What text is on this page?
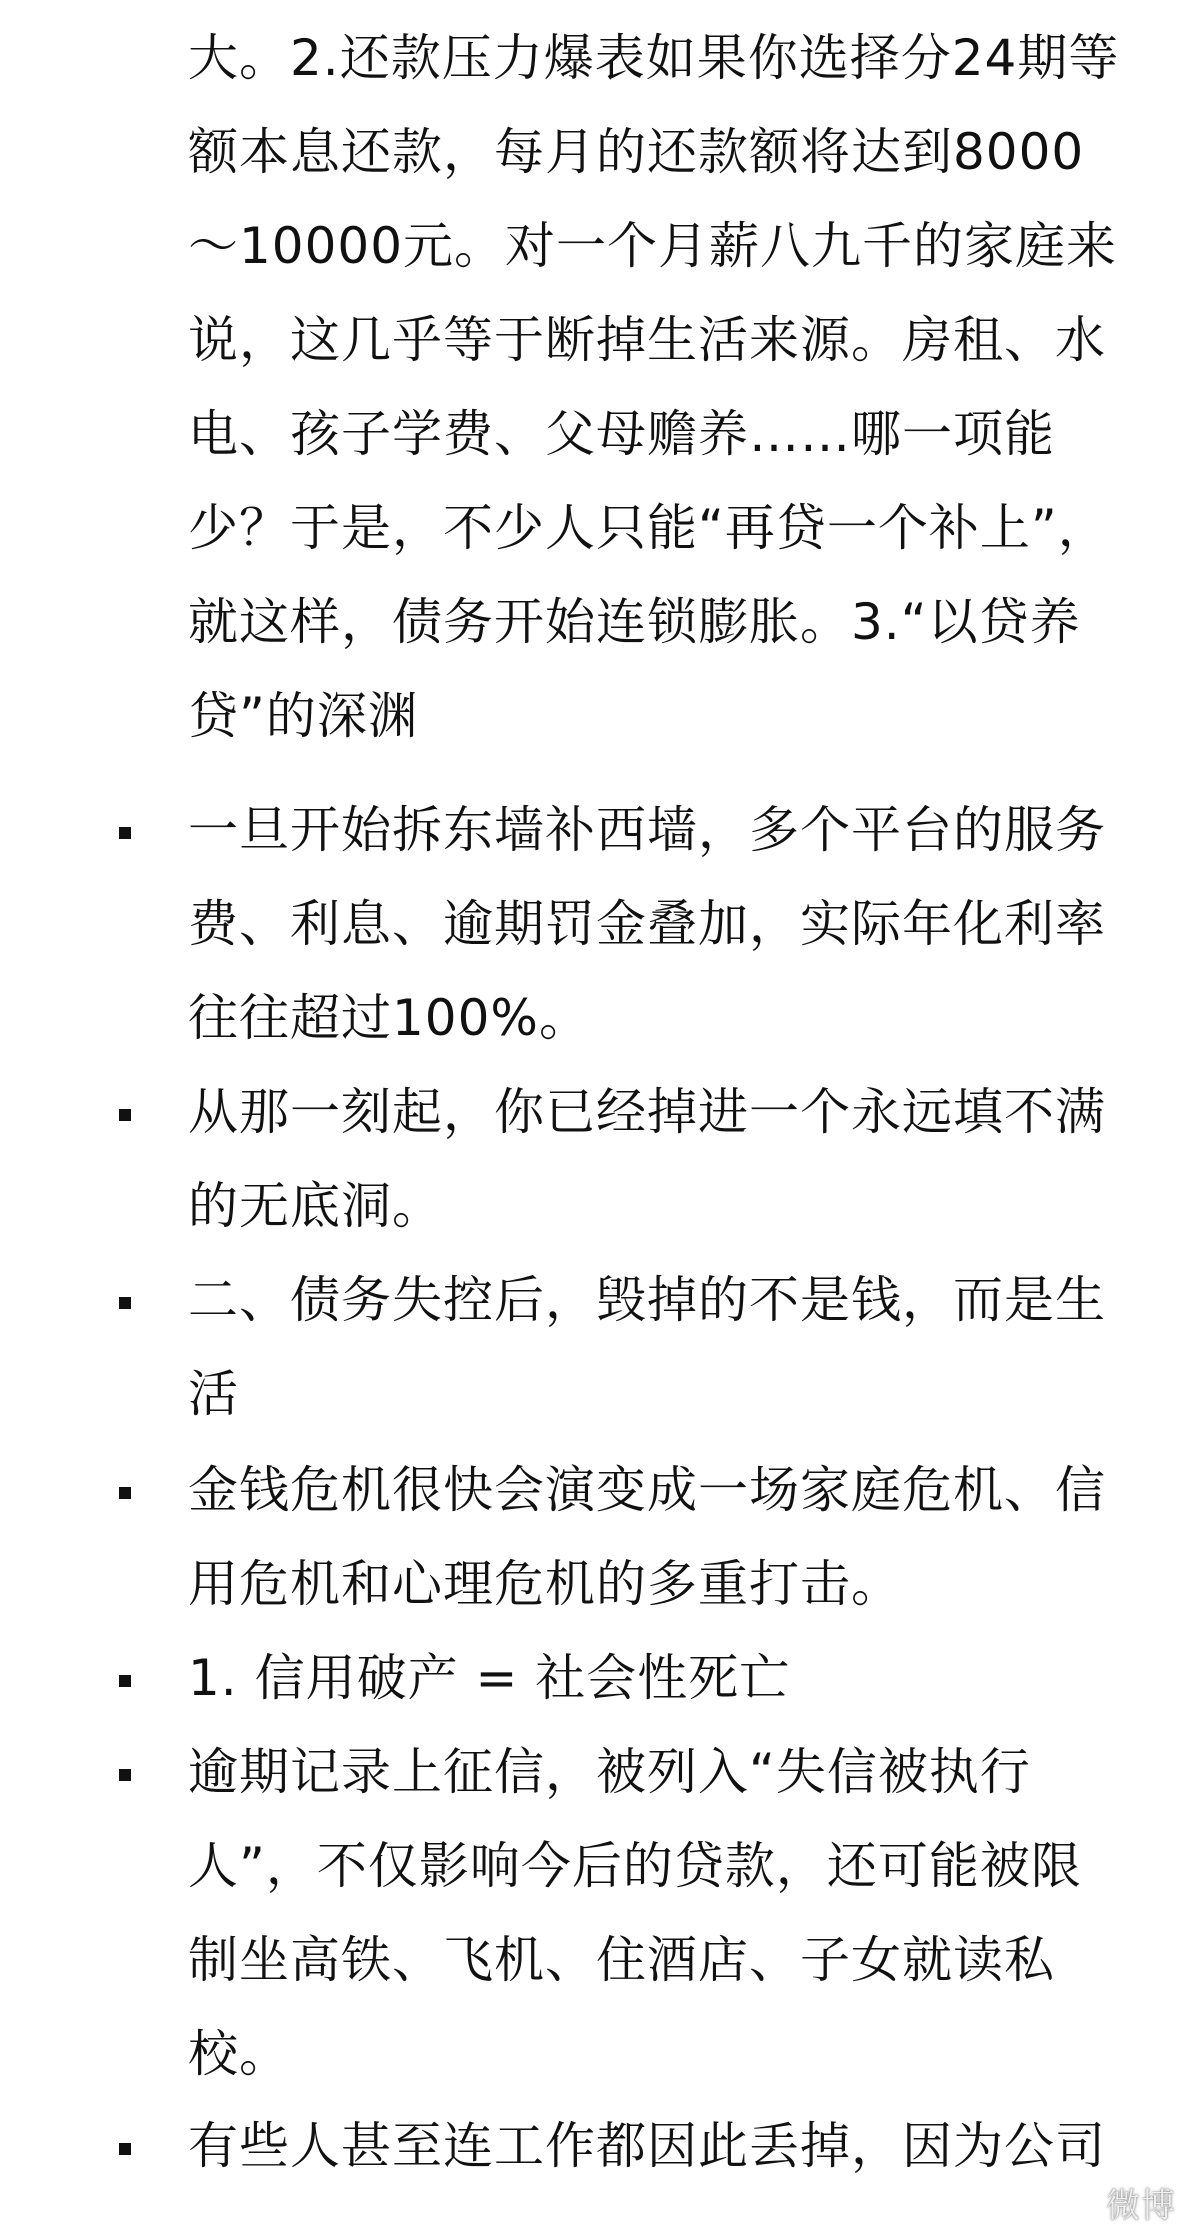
大。2.还款压力爆表如果你选择分24期等
额本息还款，每月的还款额将达到8000
～10000元。对一个月薪八九千的家庭来
说，这几乎等于断掉生活来源。房租、水
电、孩子学费、父母赡养……哪一项能
少？于是，不少人只能“再贷一个补上”，
就这样，债务开始连锁膨胀。3.“以贷养
贷”的深渊
一旦开始拆东墙补西墙，多个平台的服务
费、利息、逾期罚金叠加，实际年化利率
往往超过100%。
从那一刻起，你已经掉进一个永远填不满
的无底洞。
二、债务失控后，毁掉的不是钱，而是生
活
金钱危机很快会演变成一场家庭危机、信
用危机和心理危机的多重打击。
1. 信用破产 = 社会性死亡
逾期记录上征信，被列入“失信被执行
人”，不仅影响今后的贷款，还可能被限
制坐高铁、飞机、住酒店、子女就读私
校。
有些人甚至连工作都因此丢掉，因为公司
微博
